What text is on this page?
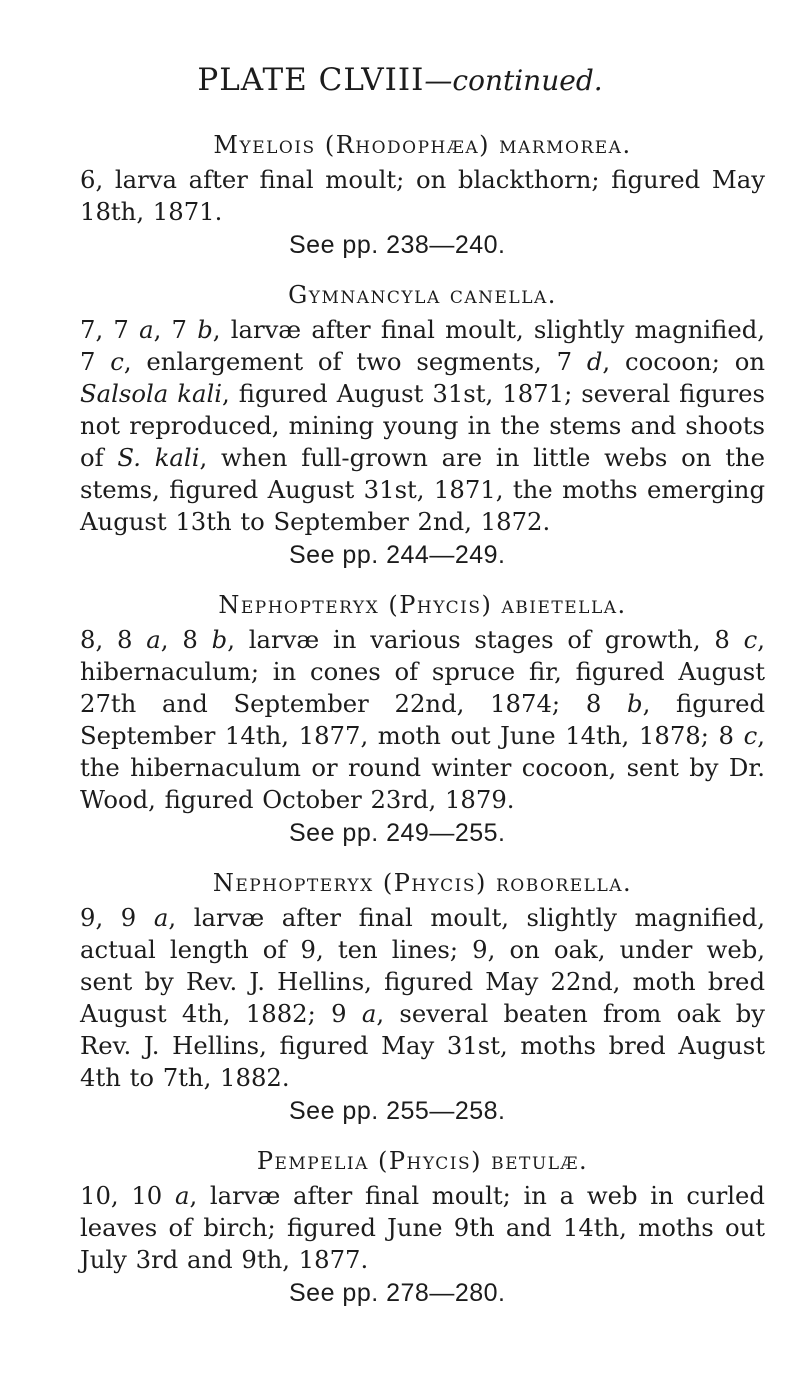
PLATE CLVIII—continued.
Myelois (Rhodophæa) marmorea.

6, larva after final moult; on blackthorn; figured May 18th, 1871.

See pp. 238—240.
Gymnancyla canella.

7, 7 a, 7 b, larvæ after final moult, slightly magnified, 7 c, enlargement of two segments, 7 d, cocoon; on Salsola kali, figured August 31st, 1871; several figures not reproduced, mining young in the stems and shoots of S. kali, when full-grown are in little webs on the stems, figured August 31st, 1871, the moths emerging August 13th to September 2nd, 1872.

See pp. 244—249.
Nephopteryx (Phycis) abietella.

8, 8 a, 8 b, larvæ in various stages of growth, 8 c, hibernaculum; in cones of spruce fir, figured August 27th and September 22nd, 1874; 8 b, figured September 14th, 1877, moth out June 14th, 1878; 8 c, the hibernaculum or round winter cocoon, sent by Dr. Wood, figured October 23rd, 1879.

See pp. 249—255.
Nephopteryx (Phycis) roborella.

9, 9 a, larvæ after final moult, slightly magnified, actual length of 9, ten lines; 9, on oak, under web, sent by Rev. J. Hellins, figured May 22nd, moth bred August 4th, 1882; 9 a, several beaten from oak by Rev. J. Hellins, figured May 31st, moths bred August 4th to 7th, 1882.

See pp. 255—258.
Pempelia (Phycis) betulæ.

10, 10 a, larvæ after final moult; in a web in curled leaves of birch; figured June 9th and 14th, moths out July 3rd and 9th, 1877.

See pp. 278—280.
